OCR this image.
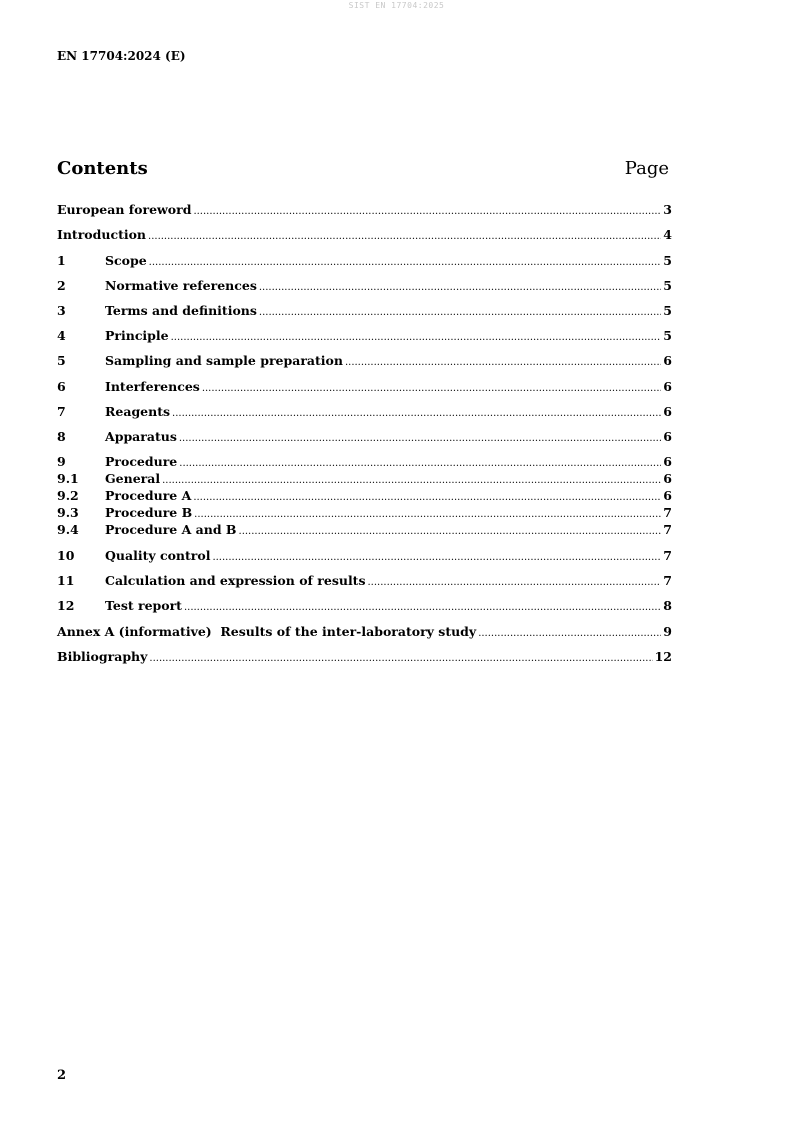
SIST EN 17704:2025
EN 17704:2024 (E)
Contents	Page
European foreword .....	3
Introduction .....	4
1	Scope .....	5
2	Normative references .....	5
3	Terms and definitions .....	5
4	Principle .....	5
5	Sampling and sample preparation .....	6
6	Interferences .....	6
7	Reagents .....	6
8	Apparatus .....	6
9	Procedure .....	6
9.1	General .....	6
9.2	Procedure A .....	6
9.3	Procedure B .....	7
9.4	Procedure A and B .....	7
10	Quality control .....	7
11	Calculation and expression of results .....	7
12	Test report .....	8
Annex A (informative)  Results of the inter-laboratory study .....	9
Bibliography .....	12
2
